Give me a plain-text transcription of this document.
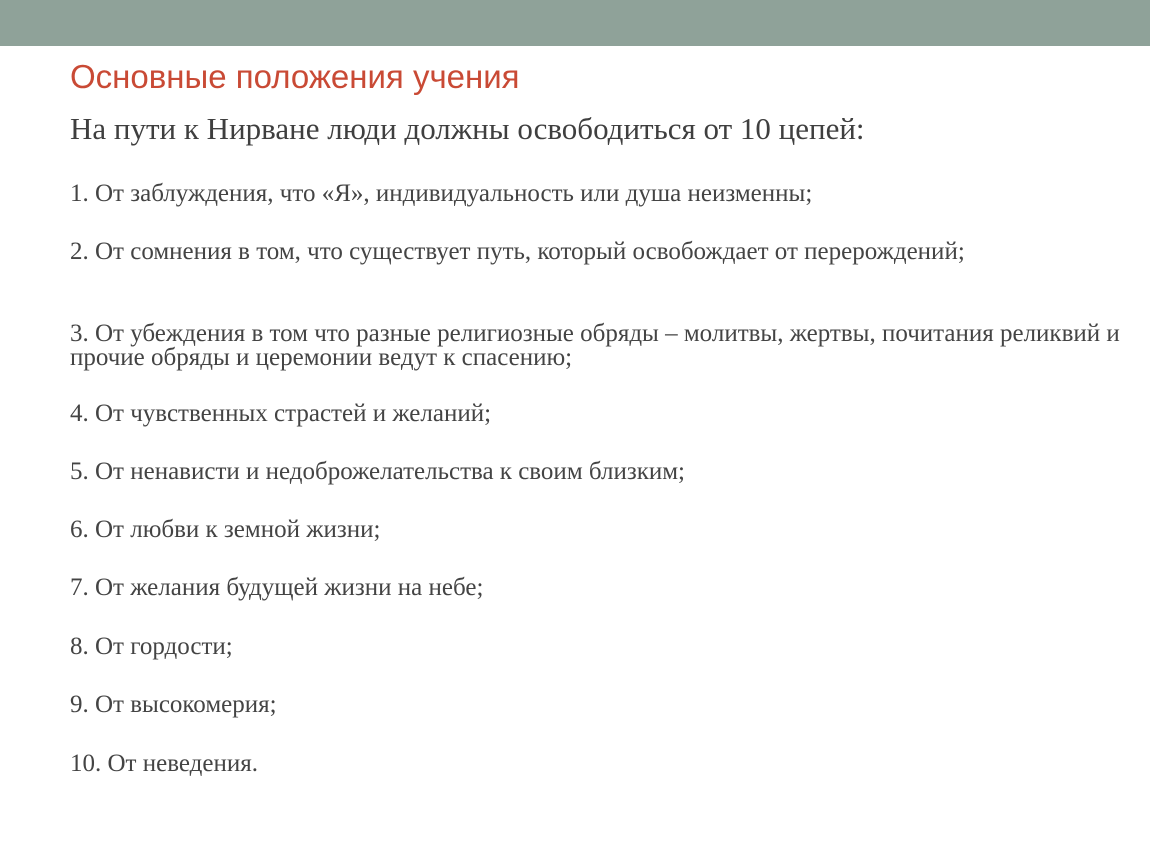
Основные положения учения

На пути к Нирване люди должны освободиться от 10 цепей:

1. От заблуждения, что «Я», индивидуальность или душа неизменны;
2. От сомнения в том, что существует путь, который освобождает от перерождений;
3. От убеждения в том что разные религиозные обряды – молитвы, жертвы, почитания реликвий и прочие обряды и церемонии ведут к спасению;
4. От чувственных страстей и желаний;
5. От ненависти и недоброжелательства к своим близким;
6. От любви к земной жизни;
7. От желания будущей жизни на небе;
8. От гордости;
9. От высокомерия;
10. От неведения.
